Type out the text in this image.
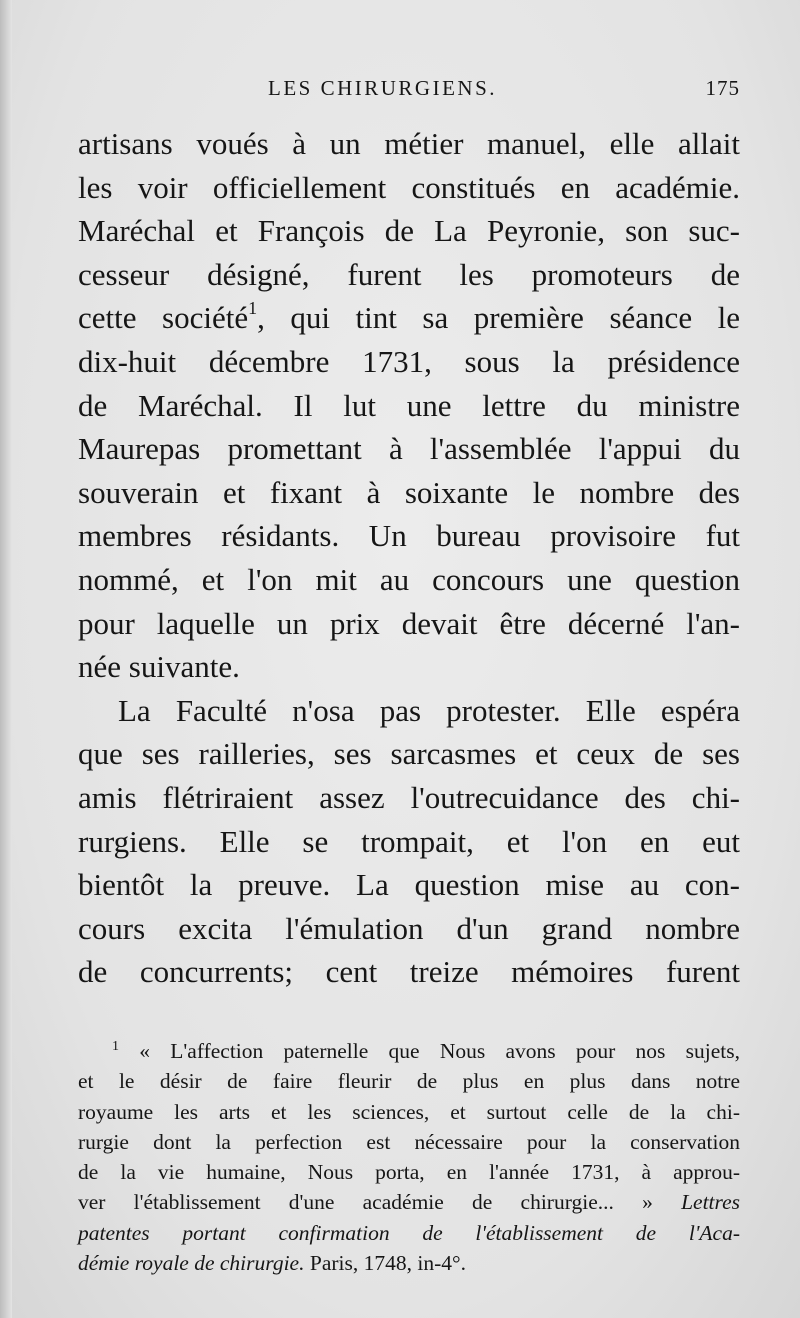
LES CHIRURGIENS.	175
artisans voués à un métier manuel, elle allait
les voir officiellement constitués en académie.
Maréchal et François de La Peyronie, son suc-
cesseur désigné, furent les promoteurs de
cette société$^1$, qui tint sa première séance le
dix-huit décembre 1731, sous la présidence
de Maréchal. Il lut une lettre du ministre
Maurepas promettant à l'assemblée l'appui du
souverain et fixant à soixante le nombre des
membres résidants. Un bureau provisoire fut
nommé, et l'on mit au concours une question
pour laquelle un prix devait être décerné l'an-
née suivante.
La Faculté n'osa pas protester. Elle espéra
que ses railleries, ses sarcasmes et ceux de ses
amis flétriraient assez l'outrecuidance des chi-
rurgiens. Elle se trompait, et l'on en eut
bientôt la preuve. La question mise au con-
cours excita l'émulation d'un grand nombre
de concurrents; cent treize mémoires furent
$^1$ « L'affection paternelle que Nous avons pour nos sujets,
et le désir de faire fleurir de plus en plus dans notre
royaume les arts et les sciences, et surtout celle de la chi-
rurgie dont la perfection est nécessaire pour la conservation
de la vie humaine, Nous porta, en l'année 1731, à approu-
ver l'établissement d'une académie de chirurgie... » Lettres
patentes portant confirmation de l'établissement de l'Aca-
démie royale de chirurgie. Paris, 1748, in-4°.
